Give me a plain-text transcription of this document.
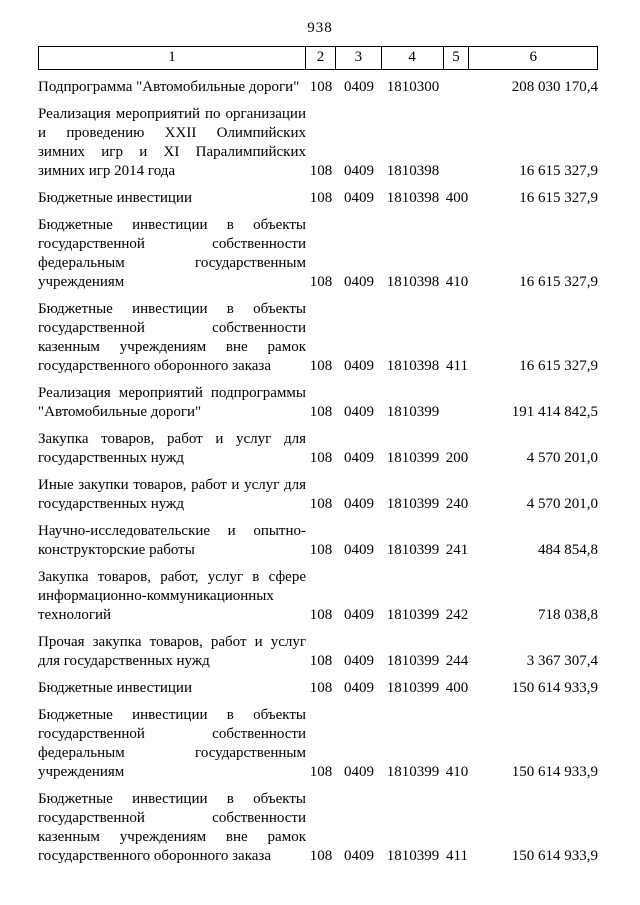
938
1	2	3	4	5	6
Подпрограмма "Автомобильные дороги" 108 0409 1810300	208 030 170,4
Реализация мероприятий по организации и проведению XXII Олимпийских зимних игр и XI Паралимпийских зимних игр 2014 года	108 0409 1810398	16 615 327,9
Бюджетные инвестиции	108 0409 1810398 400	16 615 327,9
Бюджетные инвестиции в объекты государственной собственности федеральным государственным учреждениям	108 0409 1810398 410	16 615 327,9
Бюджетные инвестиции в объекты государственной собственности казенным учреждениям вне рамок государственного оборонного заказа	108 0409 1810398 411	16 615 327,9
Реализация мероприятий подпрограммы "Автомобильные дороги"	108 0409 1810399	191 414 842,5
Закупка товаров, работ и услуг для государственных нужд	108 0409 1810399 200	4 570 201,0
Иные закупки товаров, работ и услуг для государственных нужд	108 0409 1810399 240	4 570 201,0
Научно-исследовательские и опытно-конструкторские работы	108 0409 1810399 241	484 854,8
Закупка товаров, работ, услуг в сфере информационно-коммуникационных технологий	108 0409 1810399 242	718 038,8
Прочая закупка товаров, работ и услуг для государственных нужд	108 0409 1810399 244	3 367 307,4
Бюджетные инвестиции	108 0409 1810399 400	150 614 933,9
Бюджетные инвестиции в объекты государственной собственности федеральным государственным учреждениям	108 0409 1810399 410	150 614 933,9
Бюджетные инвестиции в объекты государственной собственности казенным учреждениям вне рамок государственного оборонного заказа	108 0409 1810399 411	150 614 933,9
